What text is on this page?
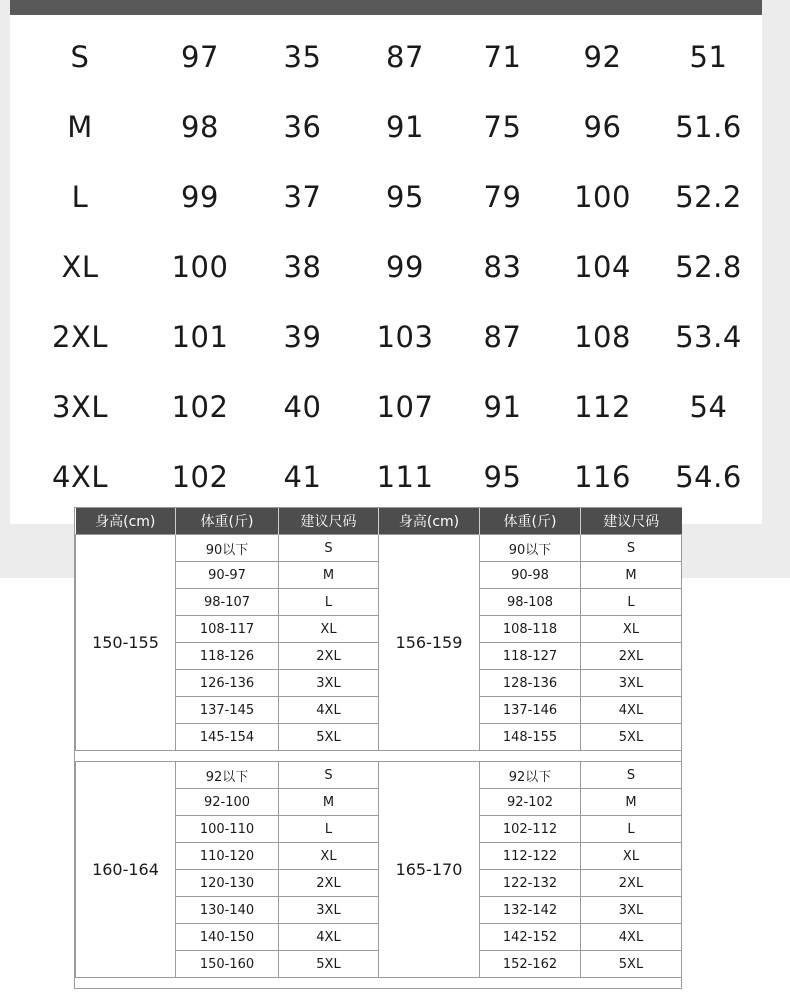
S	97	35	87	71	92	51
M	98	36	91	75	96	51.6
L	99	37	95	79	100	52.2
XL	100	38	99	83	104	52.8
2XL	101	39	103	87	108	53.4
3XL	102	40	107	91	112	54
4XL	102	41	111	95	116	54.6
身高(cm)	体重(斤)	建议尺码	身高(cm)	体重(斤)	建议尺码
150-155	90以下	S	156-159	90以下	S
	90-97	M		90-98	M
	98-107	L		98-108	L
	108-117	XL		108-118	XL
	118-126	2XL		118-127	2XL
	126-136	3XL		128-136	3XL
	137-145	4XL		137-146	4XL
	145-154	5XL		148-155	5XL

160-164	92以下	S	165-170	92以下	S
	92-100	M		92-102	M
	100-110	L		102-112	L
	110-120	XL		112-122	XL
	120-130	2XL		122-132	2XL
	130-140	3XL		132-142	3XL
	140-150	4XL		142-152	4XL
	150-160	5XL		152-162	5XL
